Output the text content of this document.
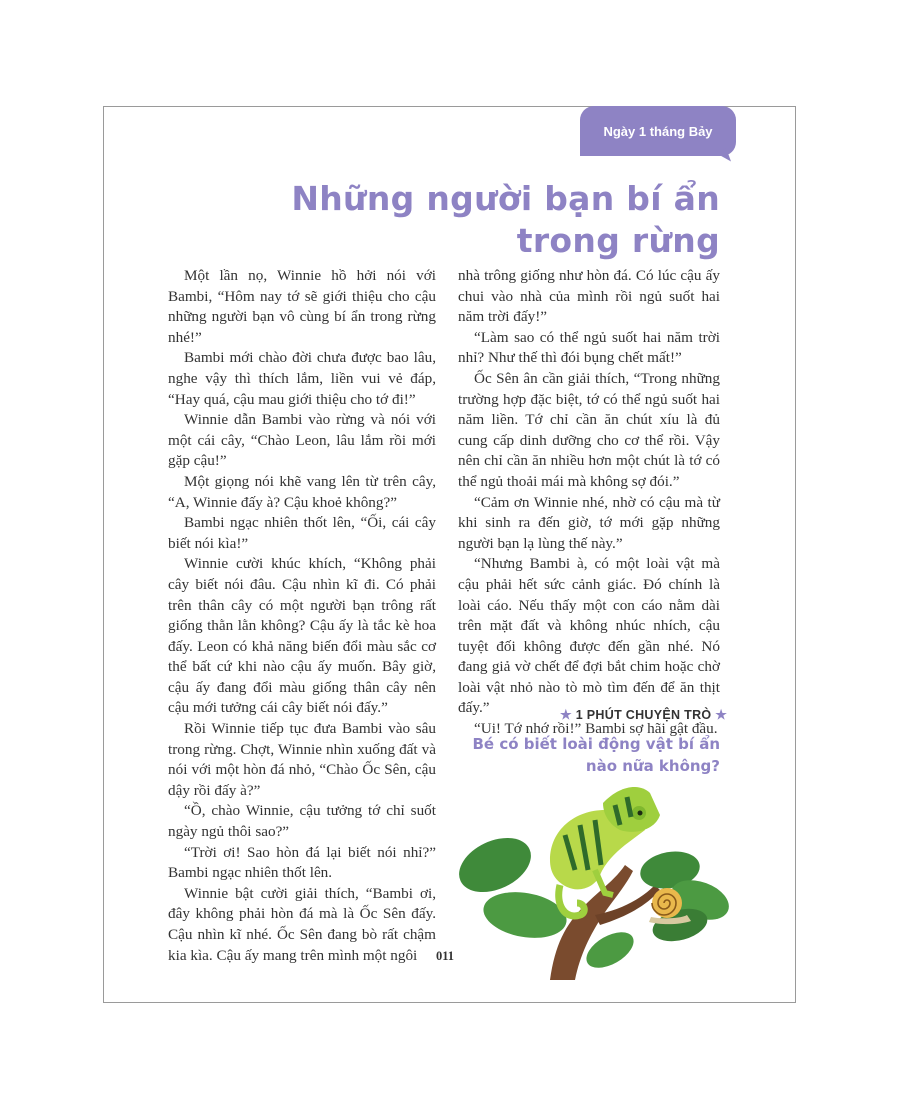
Ngày 1 tháng Bảy
Những người bạn bí ẩn
trong rừng

Một lần nọ, Winnie hồ hởi nói với Bambi, “Hôm nay tớ sẽ giới thiệu cho cậu những người bạn vô cùng bí ẩn trong rừng nhé!”

Bambi mới chào đời chưa được bao lâu, nghe vậy thì thích lắm, liền vui vẻ đáp, “Hay quá, cậu mau giới thiệu cho tớ đi!”

Winnie dẫn Bambi vào rừng và nói với một cái cây, “Chào Leon, lâu lắm rồi mới gặp cậu!”

Một giọng nói khẽ vang lên từ trên cây, “A, Winnie đấy à? Cậu khoẻ không?”

Bambi ngạc nhiên thốt lên, “Ối, cái cây biết nói kìa!”

Winnie cười khúc khích, “Không phải cây biết nói đâu. Cậu nhìn kĩ đi. Có phải trên thân cây có một người bạn trông rất giống thằn lằn không? Cậu ấy là tắc kè hoa đấy. Leon có khả năng biến đổi màu sắc cơ thể bất cứ khi nào cậu ấy muốn. Bây giờ, cậu ấy đang đổi màu giống thân cây nên cậu mới tưởng cái cây biết nói đấy.”

Rồi Winnie tiếp tục đưa Bambi vào sâu trong rừng. Chợt, Winnie nhìn xuống đất và nói với một hòn đá nhỏ, “Chào Ốc Sên, cậu dậy rồi đấy à?”

“Ồ, chào Winnie, cậu tưởng tớ chỉ suốt ngày ngủ thôi sao?”

“Trời ơi! Sao hòn đá lại biết nói nhỉ?” Bambi ngạc nhiên thốt lên.

Winnie bật cười giải thích, “Bambi ơi, đây không phải hòn đá mà là Ốc Sên đấy. Cậu nhìn kĩ nhé. Ốc Sên đang bò rất chậm kia kìa. Cậu ấy mang trên mình một ngôi

nhà trông giống như hòn đá. Có lúc cậu ấy chui vào nhà của mình rồi ngủ suốt hai năm trời đấy!”

“Làm sao có thể ngủ suốt hai năm trời nhỉ? Như thế thì đói bụng chết mất!”

Ốc Sên ân cần giải thích, “Trong những trường hợp đặc biệt, tớ có thể ngủ suốt hai năm liền. Tớ chỉ cần ăn chút xíu là đủ cung cấp dinh dưỡng cho cơ thể rồi. Vậy nên chỉ cần ăn nhiều hơn một chút là tớ có thể ngủ thoải mái mà không sợ đói.”

“Cảm ơn Winnie nhé, nhờ có cậu mà từ khi sinh ra đến giờ, tớ mới gặp những người bạn lạ lùng thế này.”

“Nhưng Bambi à, có một loài vật mà cậu phải hết sức cảnh giác. Đó chính là loài cáo. Nếu thấy một con cáo nằm dài trên mặt đất và không nhúc nhích, cậu tuyệt đối không được đến gần nhé. Nó đang giả vờ chết để đợi bắt chim hoặc chờ loài vật nhỏ nào tò mò tìm đến để ăn thịt đấy.”

“Ui! Tớ nhớ rồi!” Bambi sợ hãi gật đầu.

★ 1 PHÚT CHUYỆN TRÒ ★
Bé có biết loài động vật bí ẩn nào nữa không?
011
